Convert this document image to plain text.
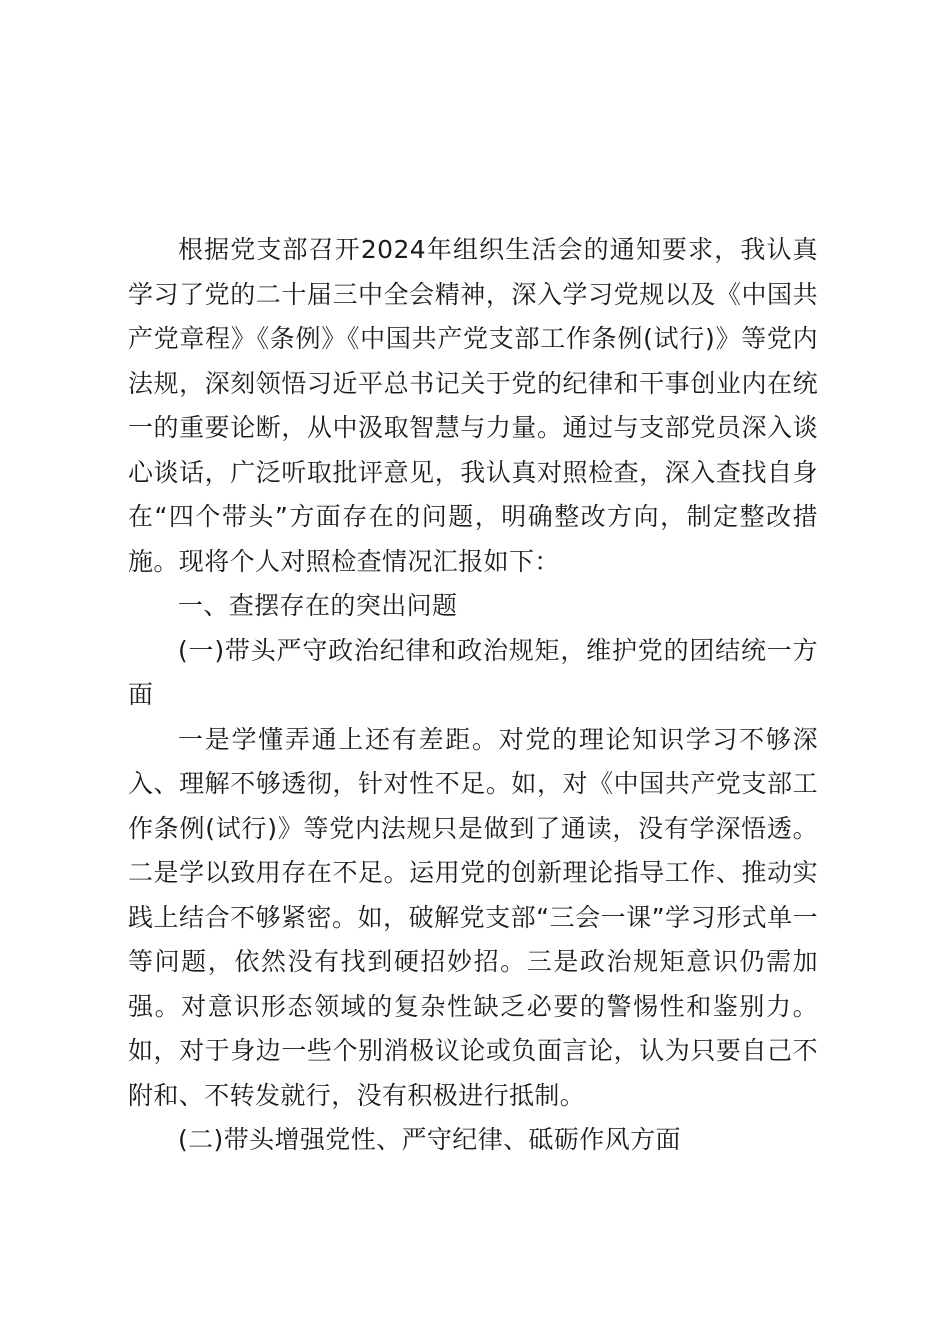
根据党支部召开2024年组织生活会的通知要求，我认真学习了党的二十届三中全会精神，深入学习党规以及《中国共产党章程》《条例》《中国共产党支部工作条例(试行)》等党内法规，深刻领悟习近平总书记关于党的纪律和干事创业内在统一的重要论断，从中汲取智慧与力量。通过与支部党员深入谈心谈话，广泛听取批评意见，我认真对照检查，深入查找自身在“四个带头”方面存在的问题，明确整改方向，制定整改措施。现将个人对照检查情况汇报如下：

一、查摆存在的突出问题

(一)带头严守政治纪律和政治规矩，维护党的团结统一方面

一是学懂弄通上还有差距。对党的理论知识学习不够深入、理解不够透彻，针对性不足。如，对《中国共产党支部工作条例(试行)》等党内法规只是做到了通读，没有学深悟透。二是学以致用存在不足。运用党的创新理论指导工作、推动实践上结合不够紧密。如，破解党支部“三会一课”学习形式单一等问题，依然没有找到硬招妙招。三是政治规矩意识仍需加强。对意识形态领域的复杂性缺乏必要的警惕性和鉴别力。如，对于身边一些个别消极议论或负面言论，认为只要自己不附和、不转发就行，没有积极进行抵制。

(二)带头增强党性、严守纪律、砥砺作风方面
